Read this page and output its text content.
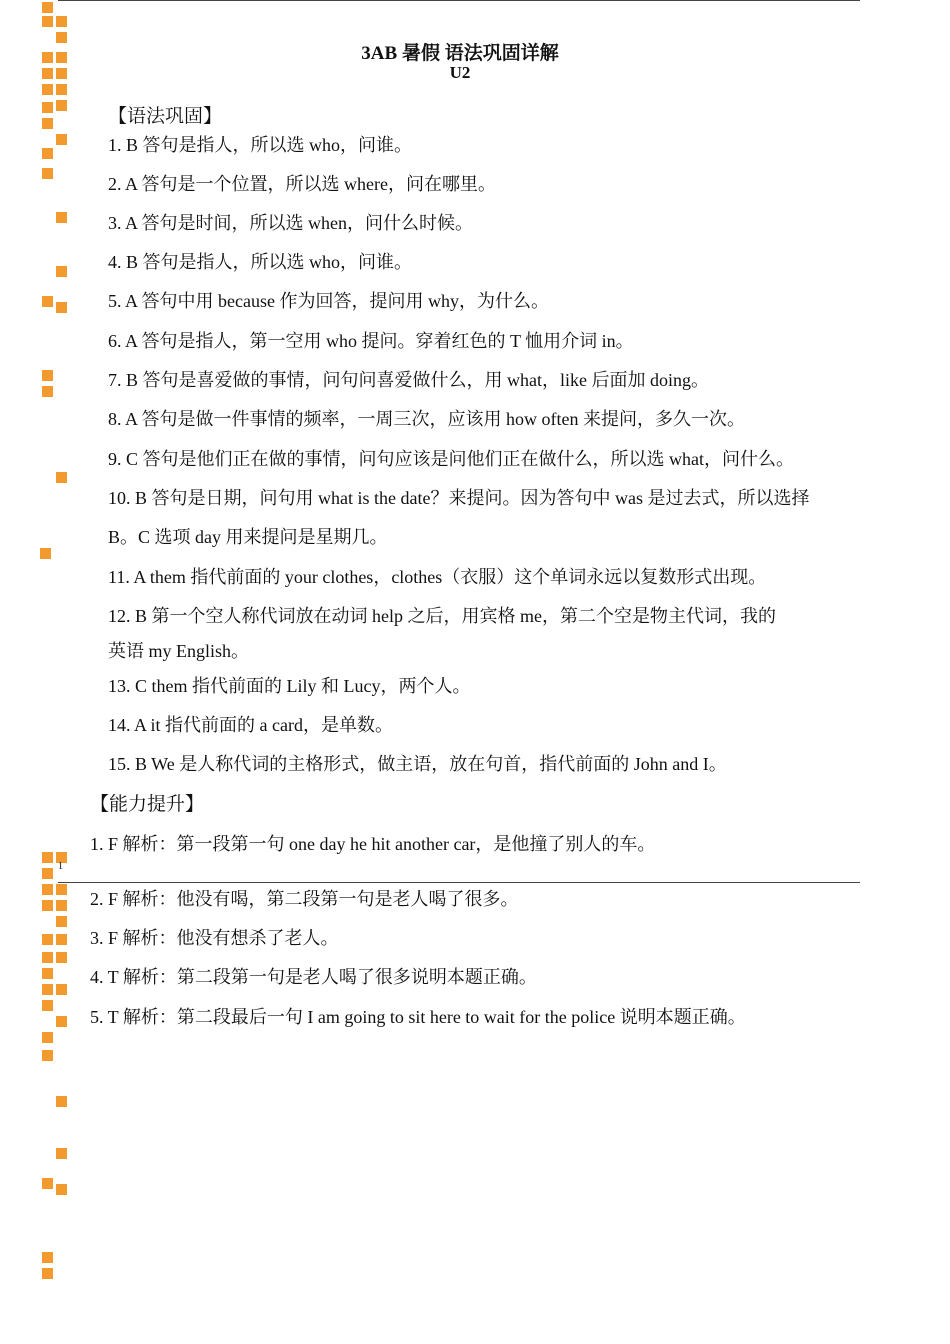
3AB 暑假 语法巩固详解
U2
【语法巩固】
1. B 答句是指人，所以选 who，问谁。
2. A 答句是一个位置，所以选 where，问在哪里。
3. A 答句是时间，所以选 when，问什么时候。
4. B 答句是指人，所以选 who，问谁。
5. A 答句中用 because 作为回答，提问用 why，为什么。
6. A 答句是指人，第一空用 who 提问。穿着红色的 T 恤用介词 in。
7. B 答句是喜爱做的事情，问句问喜爱做什么，用 what，like 后面加 doing。
8. A 答句是做一件事情的频率，一周三次，应该用 how often 来提问，多久一次。
9. C 答句是他们正在做的事情，问句应该是问他们正在做什么，所以选 what，问什么。
10. B 答句是日期，问句用 what is the date？来提问。因为答句中 was 是过去式，所以选择
B。C 选项 day 用来提问是星期几。
11. A them 指代前面的 your clothes，clothes（衣服）这个单词永远以复数形式出现。
12. B 第一个空人称代词放在动词 help 之后，用宾格 me，第二个空是物主代词，我的
英语 my English。
13. C them 指代前面的 Lily 和 Lucy，两个人。
14. A it 指代前面的 a card，是单数。
15. B We 是人称代词的主格形式，做主语，放在句首，指代前面的 John and I。
【能力提升】
1. F 解析：第一段第一句 one day he hit another car，是他撞了别人的车。
1
2. F 解析：他没有喝，第二段第一句是老人喝了很多。
3. F 解析：他没有想杀了老人。
4. T 解析：第二段第一句是老人喝了很多说明本题正确。
5. T 解析：第二段最后一句 I am going to sit here to wait for the police 说明本题正确。
